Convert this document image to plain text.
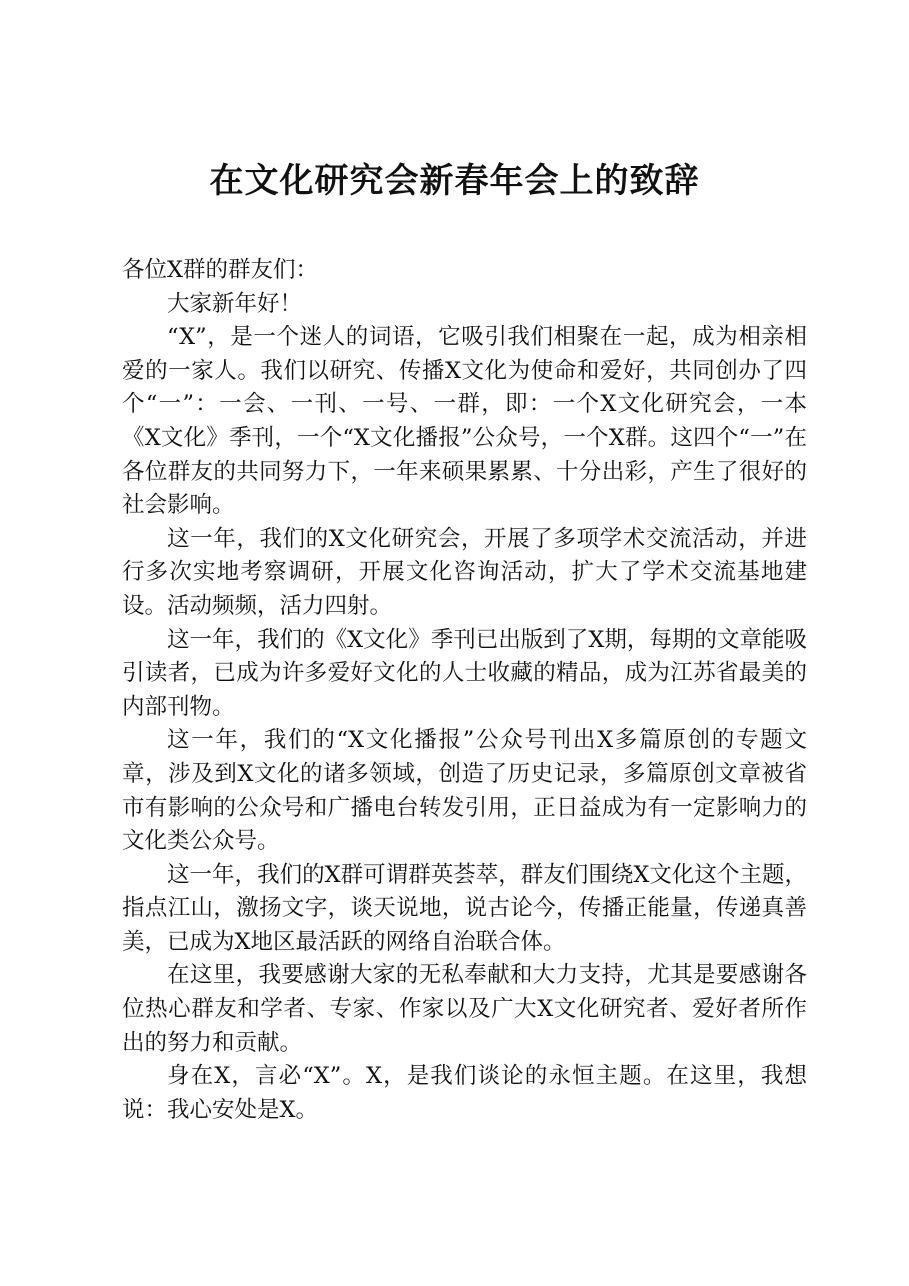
在文化研究会新春年会上的致辞

各位X群的群友们：

大家新年好！

“X”，是一个迷人的词语，它吸引我们相聚在一起，成为相亲相爱的一家人。我们以研究、传播X文化为使命和爱好，共同创办了四个“一”：一会、一刊、一号、一群，即：一个X文化研究会，一本《X文化》季刊，一个“X文化播报”公众号，一个X群。这四个“一”在各位群友的共同努力下，一年来硕果累累、十分出彩，产生了很好的社会影响。

这一年，我们的X文化研究会，开展了多项学术交流活动，并进行多次实地考察调研，开展文化咨询活动，扩大了学术交流基地建设。活动频频，活力四射。

这一年，我们的《X文化》季刊已出版到了X期，每期的文章能吸引读者，已成为许多爱好文化的人士收藏的精品，成为江苏省最美的内部刊物。

这一年，我们的“X文化播报”公众号刊出X多篇原创的专题文章，涉及到X文化的诸多领域，创造了历史记录，多篇原创文章被省市有影响的公众号和广播电台转发引用，正日益成为有一定影响力的文化类公众号。

这一年，我们的X群可谓群英荟萃，群友们围绕X文化这个主题，指点江山，激扬文字，谈天说地，说古论今，传播正能量，传递真善美，已成为X地区最活跃的网络自治联合体。

在这里，我要感谢大家的无私奉献和大力支持，尤其是要感谢各位热心群友和学者、专家、作家以及广大X文化研究者、爱好者所作出的努力和贡献。

身在X，言必“X”。X，是我们谈论的永恒主题。在这里，我想说：我心安处是X。
